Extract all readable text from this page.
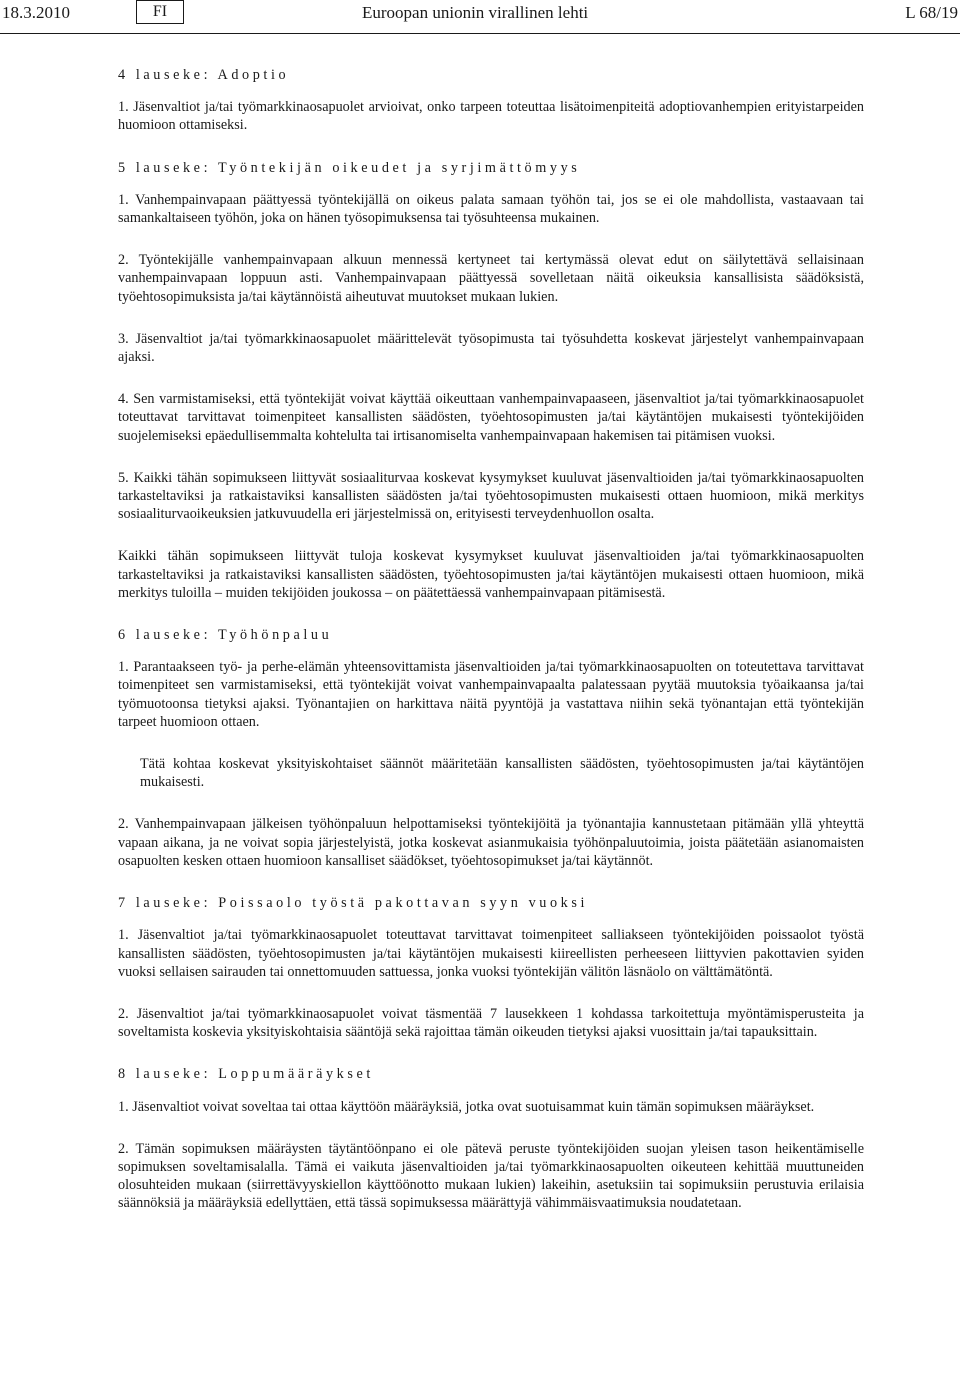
18.3.2010	FI	Euroopan unionin virallinen lehti	L 68/19
4 lauseke: Adoptio

1. Jäsenvaltiot ja/tai työmarkkinaosapuolet arvioivat, onko tarpeen toteuttaa lisätoimenpiteitä adoptiovanhempien erityistarpeiden huomioon ottamiseksi.

5 lauseke: Työntekijän oikeudet ja syrjimättömyys

1. Vanhempainvapaan päättyessä työntekijällä on oikeus palata samaan työhön tai, jos se ei ole mahdollista, vastaavaan tai samankaltaiseen työhön, joka on hänen työsopimuksensa tai työsuhteensa mukainen.

2. Työntekijälle vanhempainvapaan alkuun mennessä kertyneet tai kertymässä olevat edut on säilytettävä sellaisinaan vanhempainvapaan loppuun asti. Vanhempainvapaan päättyessä sovelletaan näitä oikeuksia kansallisista säädöksistä, työehtosopimuksista ja/tai käytännöistä aiheutuvat muutokset mukaan lukien.

3. Jäsenvaltiot ja/tai työmarkkinaosapuolet määrittelevät työsopimusta tai työsuhdetta koskevat järjestelyt vanhempainvapaan ajaksi.

4. Sen varmistamiseksi, että työntekijät voivat käyttää oikeuttaan vanhempainvapaaseen, jäsenvaltiot ja/tai työmarkkinaosapuolet toteuttavat tarvittavat toimenpiteet kansallisten säädösten, työehtosopimusten ja/tai käytäntöjen mukaisesti työntekijöiden suojelemiseksi epäedullisemmalta kohtelulta tai irtisanomiselta vanhempainvapaan hakemisen tai pitämisen vuoksi.

5. Kaikki tähän sopimukseen liittyvät sosiaaliturvaa koskevat kysymykset kuuluvat jäsenvaltioiden ja/tai työmarkkinaosapuolten tarkasteltaviksi ja ratkaistaviksi kansallisten säädösten ja/tai työehtosopimusten mukaisesti ottaen huomioon, mikä merkitys sosiaaliturvaoikeuksien jatkuvuudella eri järjestelmissä on, erityisesti terveydenhuollon osalta.

Kaikki tähän sopimukseen liittyvät tuloja koskevat kysymykset kuuluvat jäsenvaltioiden ja/tai työmarkkinaosapuolten tarkasteltaviksi ja ratkaistaviksi kansallisten säädösten, työehtosopimusten ja/tai käytäntöjen mukaisesti ottaen huomioon, mikä merkitys tuloilla – muiden tekijöiden joukossa – on päätettäessä vanhempainvapaan pitämisestä.

6 lauseke: Työhönpaluu

1. Parantaakseen työ- ja perhe-elämän yhteensovittamista jäsenvaltioiden ja/tai työmarkkinaosapuolten on toteutettava tarvittavat toimenpiteet sen varmistamiseksi, että työntekijät voivat vanhempainvapaalta palatessaan pyytää muutoksia työaikaansa ja/tai työmuotoonsa tietyksi ajaksi. Työnantajien on harkittava näitä pyyntöjä ja vastattava niihin sekä työnantajan että työntekijän tarpeet huomioon ottaen.

Tätä kohtaa koskevat yksityiskohtaiset säännöt määritetään kansallisten säädösten, työehtosopimusten ja/tai käytäntöjen mukaisesti.

2. Vanhempainvapaan jälkeisen työhönpaluun helpottamiseksi työntekijöitä ja työnantajia kannustetaan pitämään yllä yhteyttä vapaan aikana, ja ne voivat sopia järjestelyistä, jotka koskevat asianmukaisia työhönpaluutoimia, joista päätetään asianomaisten osapuolten kesken ottaen huomioon kansalliset säädökset, työehtosopimukset ja/tai käytännöt.

7 lauseke: Poissaolo työstä pakottavan syyn vuoksi

1. Jäsenvaltiot ja/tai työmarkkinaosapuolet toteuttavat tarvittavat toimenpiteet salliakseen työntekijöiden poissaolot työstä kansallisten säädösten, työehtosopimusten ja/tai käytäntöjen mukaisesti kiireellisten perheeseen liittyvien pakottavien syiden vuoksi sellaisen sairauden tai onnettomuuden sattuessa, jonka vuoksi työntekijän välitön läsnäolo on välttämätöntä.

2. Jäsenvaltiot ja/tai työmarkkinaosapuolet voivat täsmentää 7 lausekkeen 1 kohdassa tarkoitettuja myöntämisperusteita ja soveltamista koskevia yksityiskohtaisia sääntöjä sekä rajoittaa tämän oikeuden tietyksi ajaksi vuosittain ja/tai tapauksittain.

8 lauseke: Loppumääräykset

1. Jäsenvaltiot voivat soveltaa tai ottaa käyttöön määräyksiä, jotka ovat suotuisammat kuin tämän sopimuksen määräykset.

2. Tämän sopimuksen määräysten täytäntöönpano ei ole pätevä peruste työntekijöiden suojan yleisen tason heikentämiselle sopimuksen soveltamisalalla. Tämä ei vaikuta jäsenvaltioiden ja/tai työmarkkinaosapuolten oikeuteen kehittää muuttuneiden olosuhteiden mukaan (siirrettävyyskiellon käyttöönotto mukaan lukien) lakeihin, asetuksiin tai sopimuksiin perustuvia erilaisia säännöksiä ja määräyksiä edellyttäen, että tässä sopimuksessa määrättyjä vähimmäisvaatimuksia noudatetaan.
